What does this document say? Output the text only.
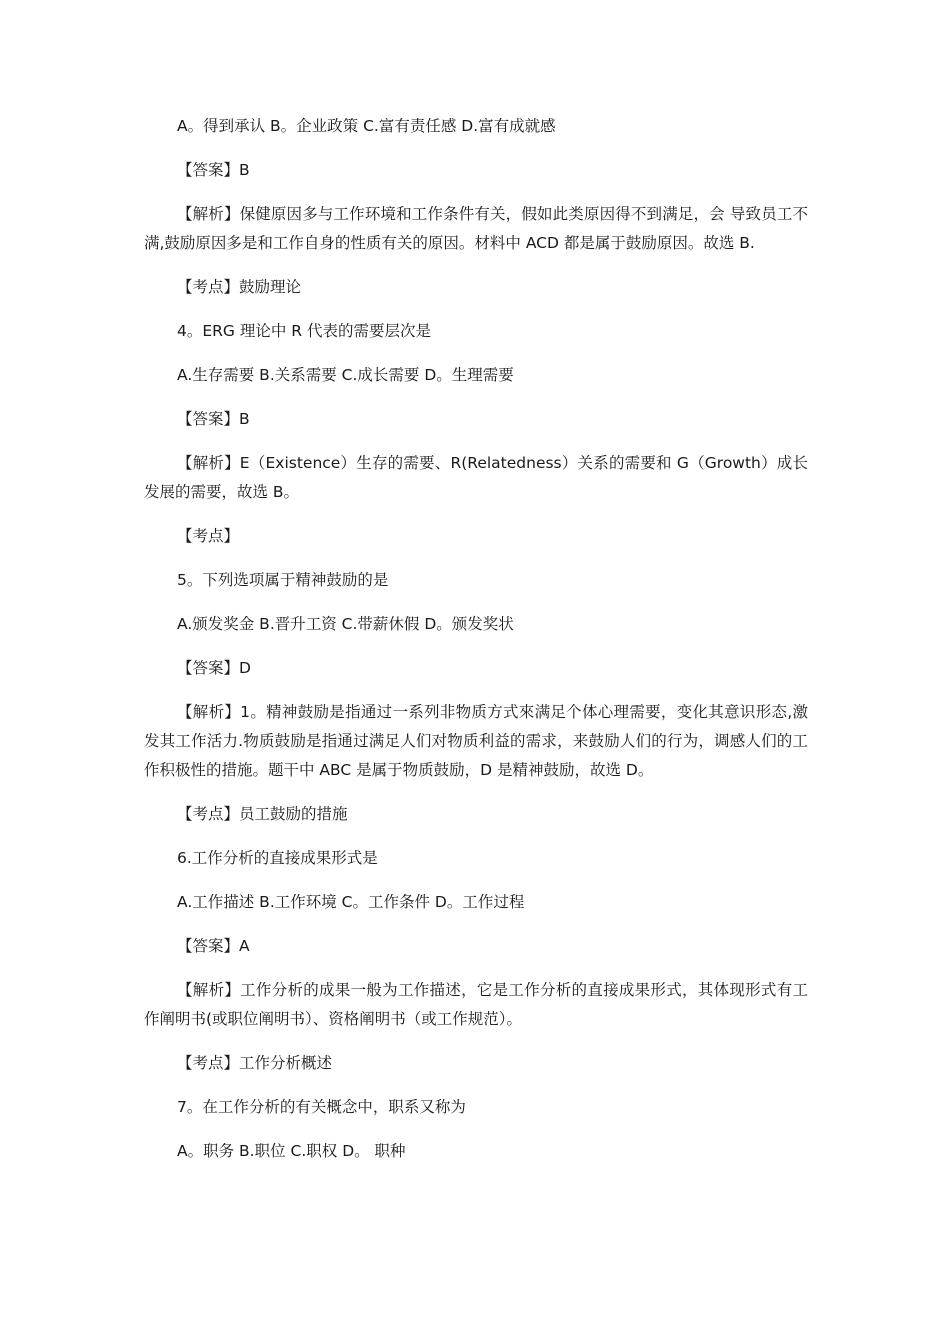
A。得到承认 B。企业政策 C.富有责任感 D.富有成就感

【答案】B

【解析】保健原因多与工作环境和工作条件有关，假如此类原因得不到满足，会 导致员工不满,鼓励原因多是和工作自身的性质有关的原因。材料中 ACD 都是属于鼓励原因。故选 B.

【考点】鼓励理论

4。ERG 理论中 R 代表的需要层次是

A.生存需要 B.关系需要 C.成长需要 D。生理需要

【答案】B

【解析】E（Existence）生存的需要、R(Relatedness）关系的需要和 G（Growth）成长发展的需要，故选 B。

【考点】

5。下列选项属于精神鼓励的是

A.颁发奖金 B.晋升工资 C.带薪休假 D。颁发奖状

【答案】D

【解析】1。精神鼓励是指通过一系列非物质方式來满足个体心理需要，变化其意识形态,激发其工作活力.物质鼓励是指通过满足人们对物质利益的需求，来鼓励人们的行为，调感人们的工作积极性的措施。题干中 ABC 是属于物质鼓励，D 是精神鼓励，故选 D。

【考点】员工鼓励的措施

6.工作分析的直接成果形式是

A.工作描述 B.工作环境 C。工作条件 D。工作过程

【答案】A

【解析】工作分析的成果一般为工作描述，它是工作分析的直接成果形式，其体现形式有工作阐明书(或职位阐明书）、资格阐明书（或工作规范）。

【考点】工作分析概述

7。在工作分析的有关概念中，职系又称为

A。职务 B.职位 C.职权 D。 职种
